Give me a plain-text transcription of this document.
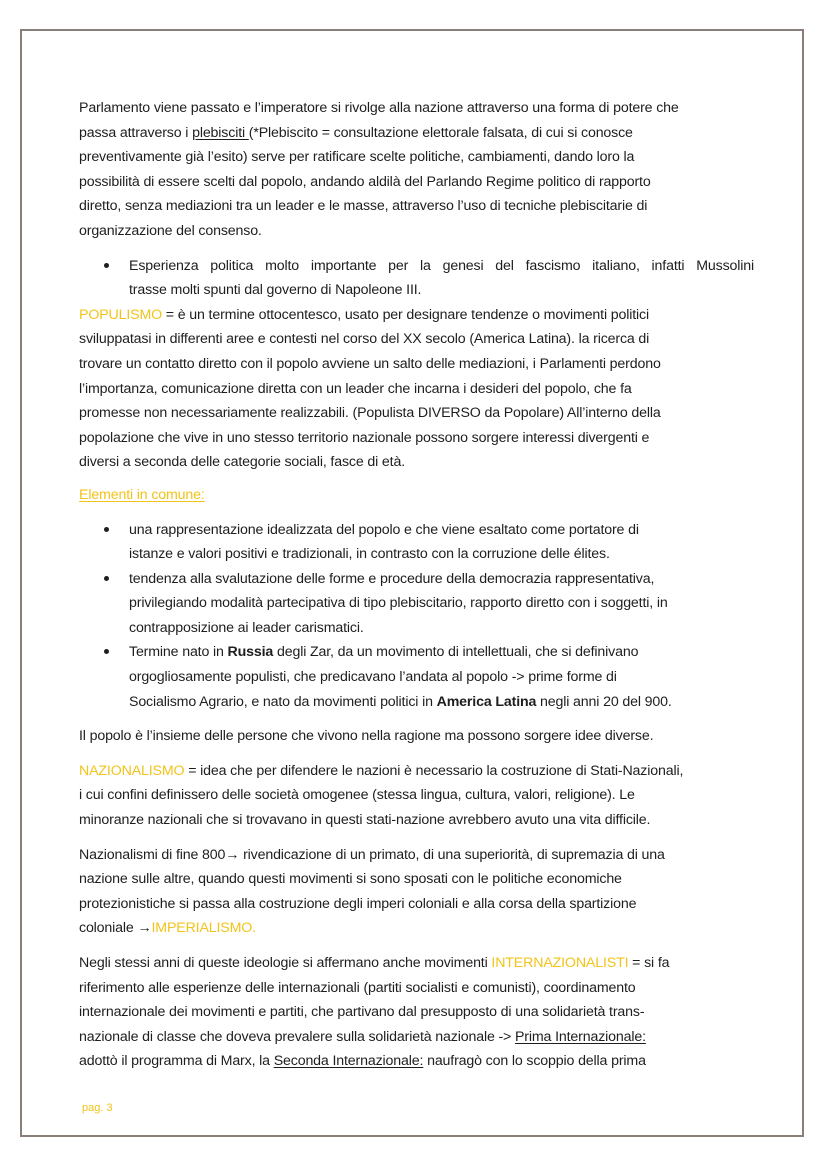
Parlamento viene passato e l’imperatore si rivolge alla nazione attraverso una forma di potere che
passa attraverso i plebisciti (*Plebiscito = consultazione elettorale falsata, di cui si conosce
preventivamente già l’esito) serve per ratificare scelte politiche, cambiamenti, dando loro la
possibilità di essere scelti dal popolo, andando aldilà del Parlando Regime politico di rapporto
diretto, senza mediazioni tra un leader e le masse, attraverso l’uso di tecniche plebiscitarie di
organizzazione del consenso.
Esperienza politica molto importante per la genesi del fascismo italiano, infatti Mussolini
trasse molti spunti dal governo di Napoleone III.
POPULISMO = è un termine ottocentesco, usato per designare tendenze o movimenti politici
sviluppatasi in differenti aree e contesti nel corso del XX secolo (America Latina). la ricerca di
trovare un contatto diretto con il popolo avviene un salto delle mediazioni, i Parlamenti perdono
l’importanza, comunicazione diretta con un leader che incarna i desideri del popolo, che fa
promesse non necessariamente realizzabili. (Populista DIVERSO da Popolare) All’interno della
popolazione che vive in uno stesso territorio nazionale possono sorgere interessi divergenti e
diversi a seconda delle categorie sociali, fasce di età.
Elementi in comune:
una rappresentazione idealizzata del popolo e che viene esaltato come portatore di
istanze e valori positivi e tradizionali, in contrasto con la corruzione delle élites.
tendenza alla svalutazione delle forme e procedure della democrazia rappresentativa,
privilegiando modalità partecipativa di tipo plebiscitario, rapporto diretto con i soggetti, in
contrapposizione ai leader carismatici.
Termine nato in Russia degli Zar, da un movimento di intellettuali, che si definivano
orgogliosamente populisti, che predicavano l’andata al popolo -> prime forme di
Socialismo Agrario, e nato da movimenti politici in America Latina negli anni 20 del 900.
Il popolo è l’insieme delle persone che vivono nella ragione ma possono sorgere idee diverse.
NAZIONALISMO = idea che per difendere le nazioni è necessario la costruzione di Stati-Nazionali,
i cui confini definissero delle società omogenee (stessa lingua, cultura, valori, religione). Le
minoranze nazionali che si trovavano in questi stati-nazione avrebbero avuto una vita difficile.
Nazionalismi di fine 800→ rivendicazione di un primato, di una superiorità, di supremazia di una
nazione sulle altre, quando questi movimenti si sono sposati con le politiche economiche
protezionistiche si passa alla costruzione degli imperi coloniali e alla corsa della spartizione
coloniale →IMPERIALISMO.
Negli stessi anni di queste ideologie si affermano anche movimenti INTERNAZIONALISTI = si fa
riferimento alle esperienze delle internazionali (partiti socialisti e comunisti), coordinamento
internazionale dei movimenti e partiti, che partivano dal presupposto di una solidarietà trans-
nazionale di classe che doveva prevalere sulla solidarietà nazionale -> Prima Internazionale:
adottò il programma di Marx, la Seconda Internazionale: naufragò con lo scoppio della prima
pag. 3
